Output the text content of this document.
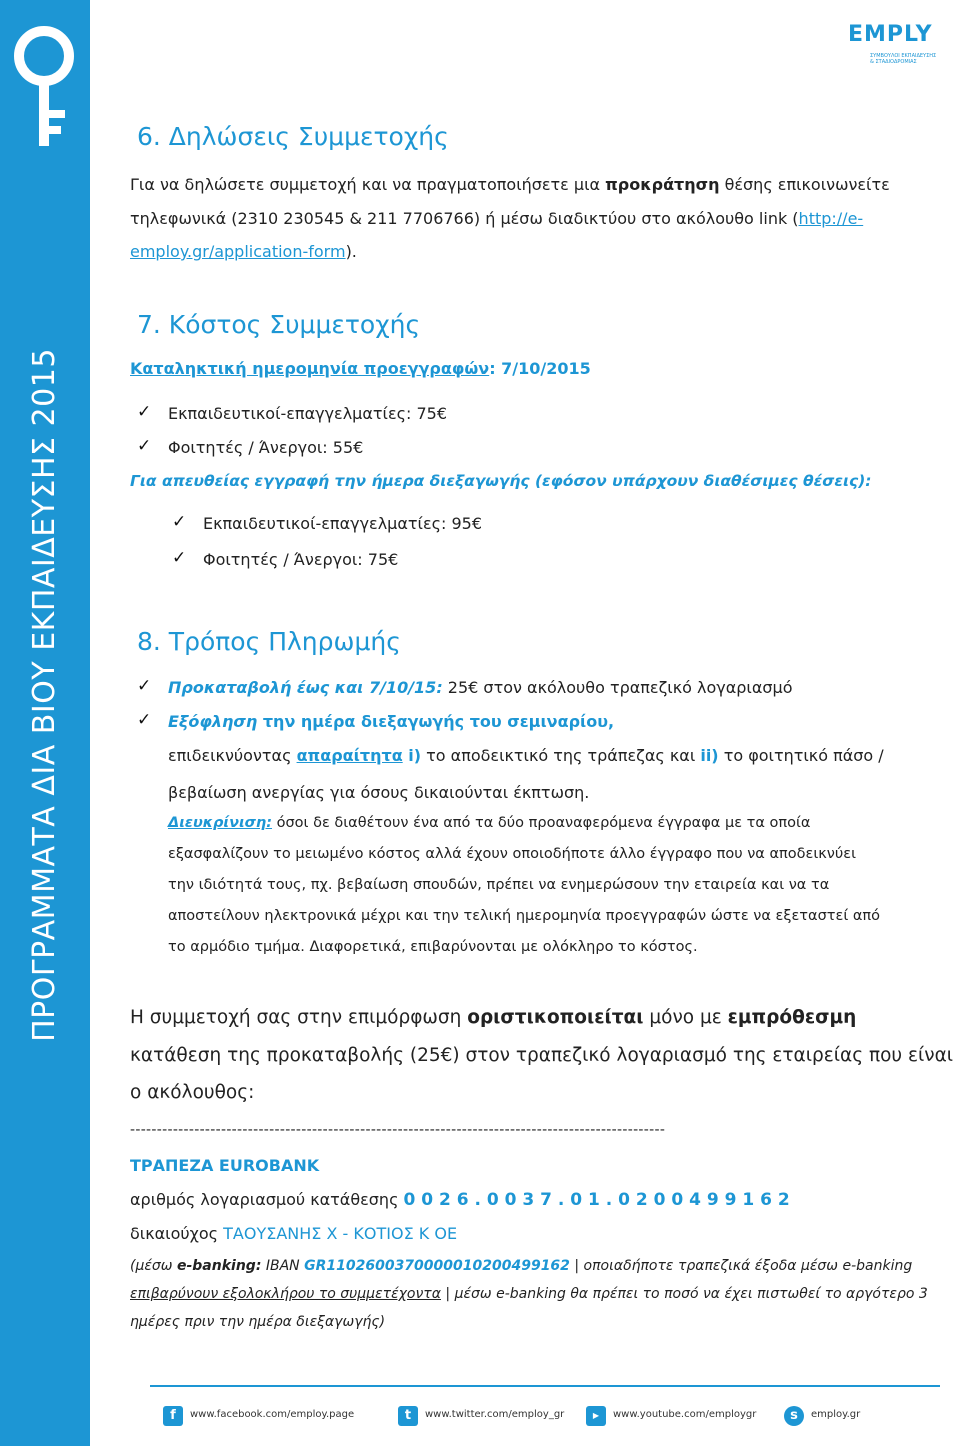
ΠΡΟΓΡΑΜΜΑΤΑ ΔΙΑ ΒΙΟΥ ΕΚΠΑΙΔΕΥΣΗΣ 2015
EMPLY
ΣΥΜΒΟΥΛΟΙ ΕΚΠΑΙΔΕΥΣΗΣ
& ΣΤΑΔΙΟΔΡΟΜΙΑΣ
6. Δηλώσεις Συμμετοχής
Για να δηλώσετε συμμετοχή και να πραγματοποιήσετε μια προκράτηση θέσης επικοινωνείτε
τηλεφωνικά (2310 230545 & 211 7706766) ή μέσω διαδικτύου στο ακόλουθο link (http://e-
employ.gr/application-form).
7. Κόστος Συμμετοχής
Καταληκτική ημερομηνία προεγγραφών: 7/10/2015
✓ Εκπαιδευτικοί-επαγγελματίες: 75€
✓ Φοιτητές / Άνεργοι: 55€
Για απευθείας εγγραφή την ήμερα διεξαγωγής (εφόσον υπάρχουν διαθέσιμες θέσεις):
✓ Εκπαιδευτικοί-επαγγελματίες: 95€
✓ Φοιτητές / Άνεργοι: 75€
8. Τρόπος Πληρωμής
✓ Προκαταβολή έως και 7/10/15: 25€ στον ακόλουθο τραπεζικό λογαριασμό
✓ Εξόφληση την ημέρα διεξαγωγής του σεμιναρίου,
επιδεικνύοντας απαραίτητα i) το αποδεικτικό της τράπεζας και ii) το φοιτητικό πάσο /
βεβαίωση ανεργίας για όσους δικαιούνται έκπτωση.
Διευκρίνιση: όσοι δε διαθέτουν ένα από τα δύο προαναφερόμενα έγγραφα με τα οποία
εξασφαλίζουν το μειωμένο κόστος αλλά έχουν οποιοδήποτε άλλο έγγραφο που να αποδεικνύει
την ιδιότητά τους, πχ. βεβαίωση σπουδών, πρέπει να ενημερώσουν την εταιρεία και να τα
αποστείλουν ηλεκτρονικά μέχρι και την τελική ημερομηνία προεγγραφών ώστε να εξεταστεί από
το αρμόδιο τμήμα. Διαφορετικά, επιβαρύνονται με ολόκληρο το κόστος.
Η συμμετοχή σας στην επιμόρφωση οριστικοποιείται μόνο με εμπρόθεσμη
κατάθεση της προκαταβολής (25€) στον τραπεζικό λογαριασμό της εταιρείας που είναι
ο ακόλουθος:
----------------------------------------------------------------------------------------------------
ΤΡΑΠΕΖΑ EUROBANK
αριθμός λογαριασμού κατάθεσης 0 0 2 6 . 0 0 3 7 . 0 1 . 0 2 0 0 4 9 9 1 6 2
δικαιούχος ΤΑΟΥΣΑΝΗΣ Χ - ΚΟΤΙΟΣ Κ ΟΕ
(μέσω e-banking: IBAN GR1102600370000010200499162 | οποιαδήποτε τραπεζικά έξοδα μέσω e-banking
επιβαρύνουν εξολοκλήρου το συμμετέχοντα | μέσω e-banking θα πρέπει το ποσό να έχει πιστωθεί το αργότερο 3
ημέρες πριν την ημέρα διεξαγωγής)
f	www.facebook.com/employ.page	t	www.twitter.com/employ_gr	▶	www.youtube.com/employgr	s	employ.gr
